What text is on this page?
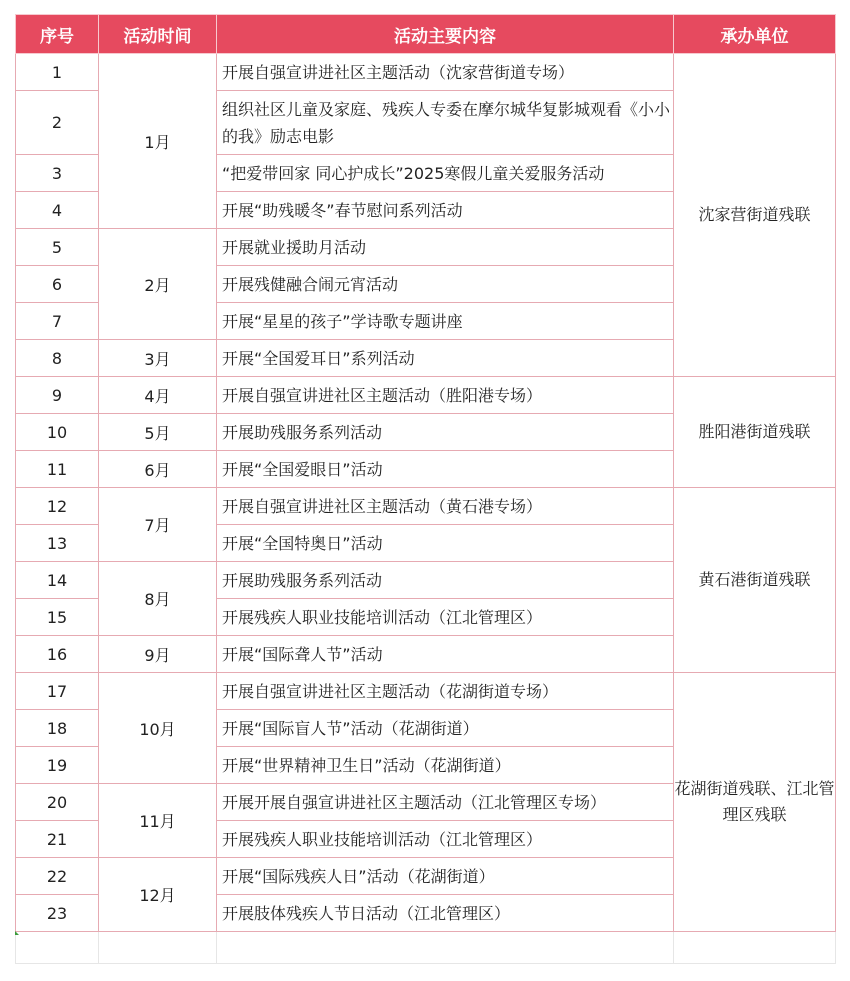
序号	活动时间	活动主要内容	承办单位
1	1月	开展自强宣讲进社区主题活动（沈家营街道专场）	沈家营街道残联
2		组织社区儿童及家庭、残疾人专委在摩尔城华复影城观看《小小的我》励志电影	
3		“把爱带回家 同心护成长”2025寒假儿童关爱服务活动	
4		开展“助残暖冬”春节慰问系列活动	
5	2月	开展就业援助月活动	
6		开展残健融合闹元宵活动	
7		开展“星星的孩子”学诗歌专题讲座	
8	3月	开展“全国爱耳日”系列活动	
9	4月	开展自强宣讲进社区主题活动（胜阳港专场）	胜阳港街道残联
10	5月	开展助残服务系列活动	
11	6月	开展“全国爱眼日”活动	
12	7月	开展自强宣讲进社区主题活动（黄石港专场）	黄石港街道残联
13		开展“全国特奥日”活动	
14	8月	开展助残服务系列活动	
15		开展残疾人职业技能培训活动（江北管理区）	
16	9月	开展“国际聋人节”活动	
17	10月	开展自强宣讲进社区主题活动（花湖街道专场）	花湖街道残联、江北管理区残联
18		开展“国际盲人节”活动（花湖街道）	
19		开展“世界精神卫生日”活动（花湖街道）	
20	11月	开展开展自强宣讲进社区主题活动（江北管理区专场）	
21		开展残疾人职业技能培训活动（江北管理区）	
22	12月	开展“国际残疾人日”活动（花湖街道）	
23		开展肢体残疾人节日活动（江北管理区）	
